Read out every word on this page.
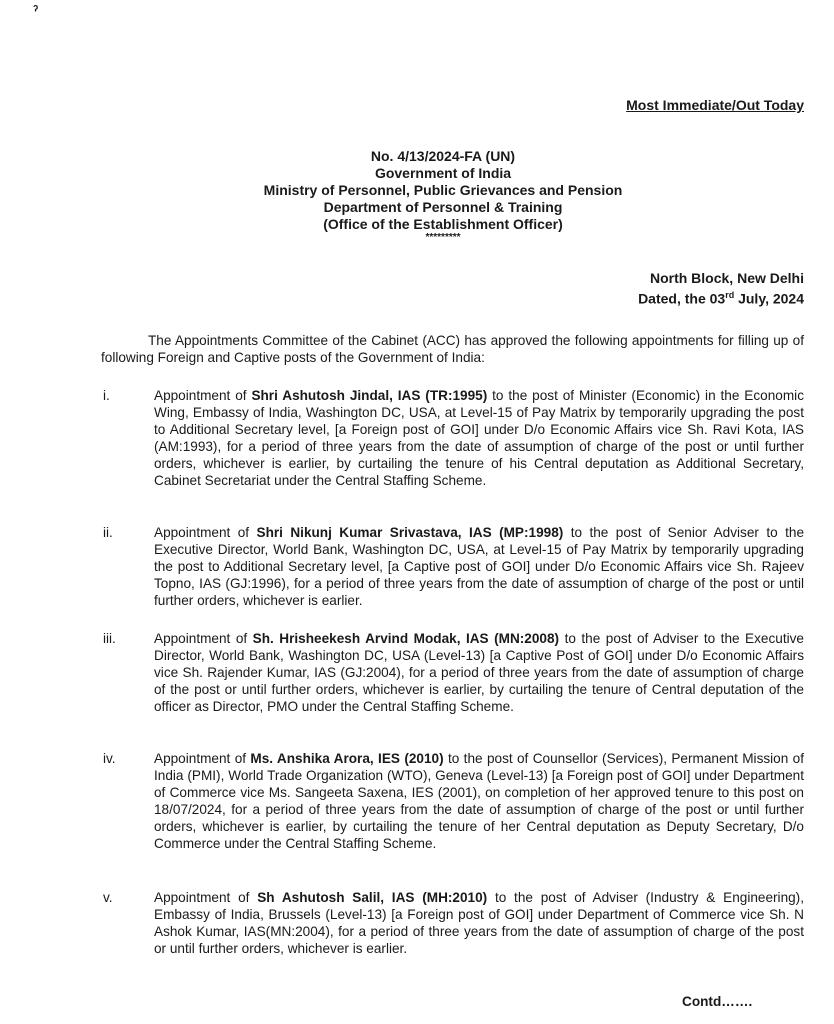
ˀ
Most Immediate/Out Today
No. 4/13/2024-FA (UN)
Government of India
Ministry of Personnel, Public Grievances and Pension
Department of Personnel & Training
(Office of the Establishment Officer)
*********
North Block, New Delhi
Dated, the 03rd July, 2024
The Appointments Committee of the Cabinet (ACC) has approved the following appointments for filling up of following Foreign and Captive posts of the Government of India:
i.	Appointment of Shri Ashutosh Jindal, IAS (TR:1995) to the post of Minister (Economic) in the Economic Wing, Embassy of India, Washington DC, USA, at Level-15 of Pay Matrix by temporarily upgrading the post to Additional Secretary level, [a Foreign post of GOI] under D/o Economic Affairs vice Sh. Ravi Kota, IAS (AM:1993), for a period of three years from the date of assumption of charge of the post or until further orders, whichever is earlier, by curtailing the tenure of his Central deputation as Additional Secretary, Cabinet Secretariat under the Central Staffing Scheme.
ii.	Appointment of Shri Nikunj Kumar Srivastava, IAS (MP:1998) to the post of Senior Adviser to the Executive Director, World Bank, Washington DC, USA, at Level-15 of Pay Matrix by temporarily upgrading the post to Additional Secretary level, [a Captive post of GOI] under D/o Economic Affairs vice Sh. Rajeev Topno, IAS (GJ:1996), for a period of three years from the date of assumption of charge of the post or until further orders, whichever is earlier.
iii.	Appointment of Sh. Hrisheekesh Arvind Modak, IAS (MN:2008) to the post of Adviser to the Executive Director, World Bank, Washington DC, USA (Level-13) [a Captive Post of GOI] under D/o Economic Affairs vice Sh. Rajender Kumar, IAS (GJ:2004), for a period of three years from the date of assumption of charge of the post or until further orders, whichever is earlier, by curtailing the tenure of Central deputation of the officer as Director, PMO under the Central Staffing Scheme.
iv.	Appointment of Ms. Anshika Arora, IES (2010) to the post of Counsellor (Services), Permanent Mission of India (PMI), World Trade Organization (WTO), Geneva (Level-13) [a Foreign post of GOI] under Department of Commerce vice Ms. Sangeeta Saxena, IES (2001), on completion of her approved tenure to this post on 18/07/2024, for a period of three years from the date of assumption of charge of the post or until further orders, whichever is earlier, by curtailing the tenure of her Central deputation as Deputy Secretary, D/o Commerce under the Central Staffing Scheme.
v.	Appointment of Sh Ashutosh Salil, IAS (MH:2010) to the post of Adviser (Industry & Engineering), Embassy of India, Brussels (Level-13) [a Foreign post of GOI] under Department of Commerce vice Sh. N Ashok Kumar, IAS(MN:2004), for a period of three years from the date of assumption of charge of the post or until further orders, whichever is earlier.
Contd…….
